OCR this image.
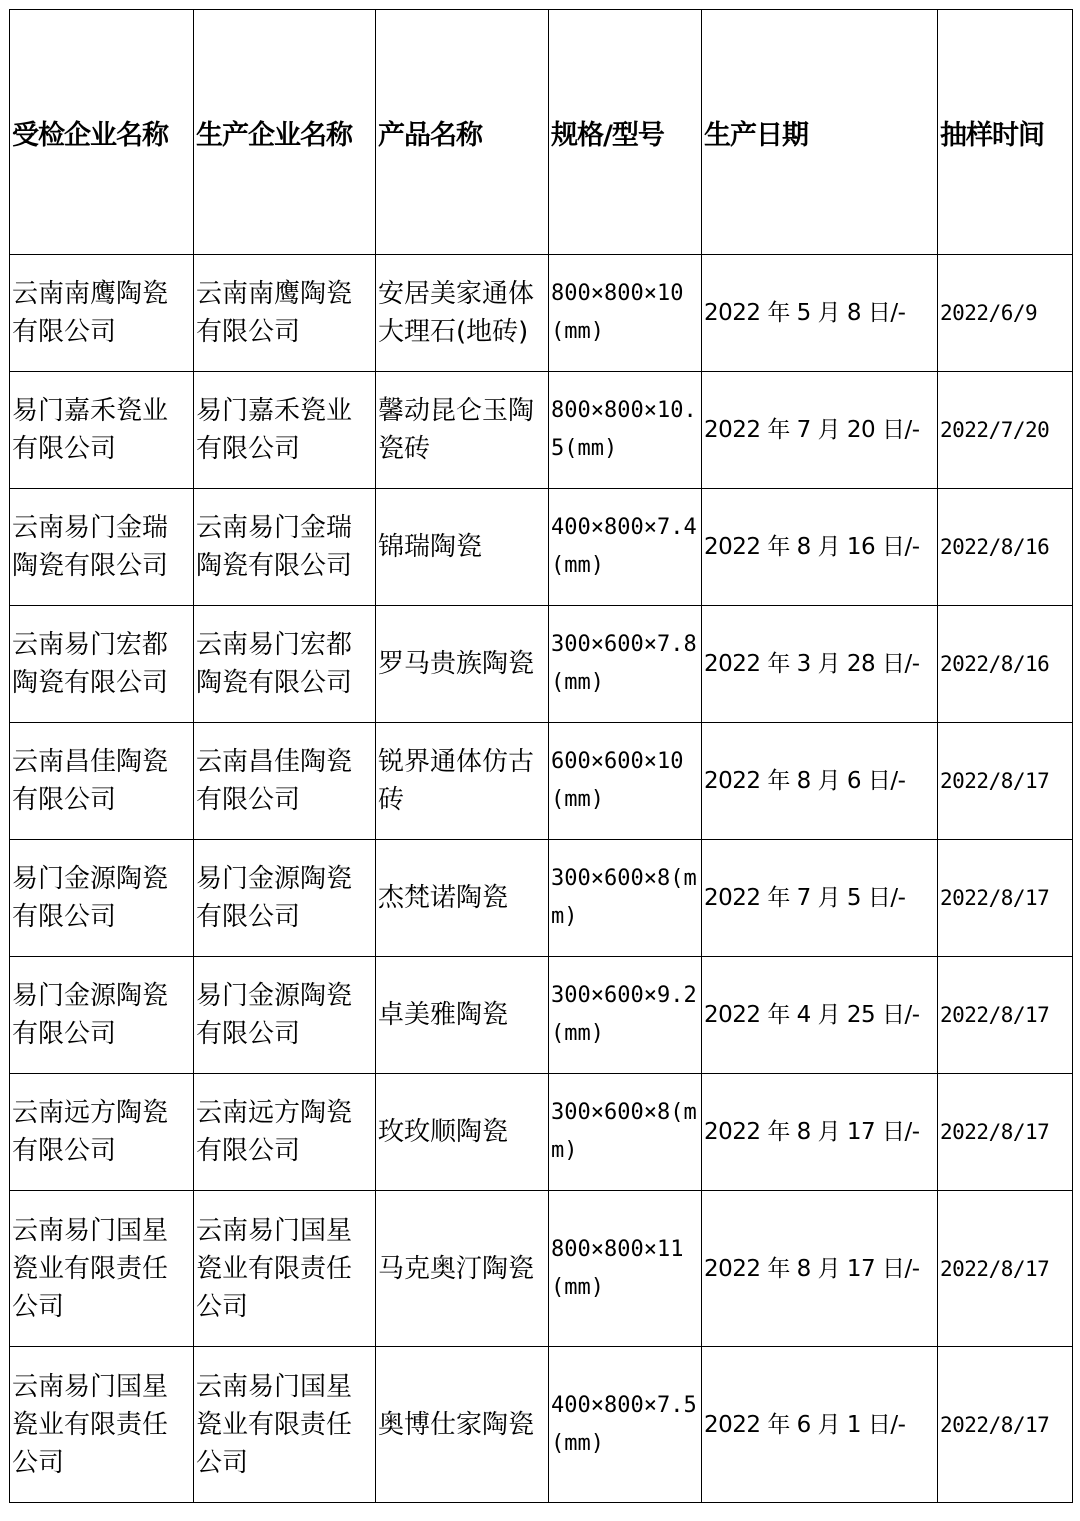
受检企业名称	生产企业名称	产品名称	规格/型号	生产日期	抽样时间
云南南鹰陶瓷有限公司	云南南鹰陶瓷有限公司	安居美家通体大理石(地砖)	800×800×10(mm)	2022 年 5 月 8 日/-	2022/6/9
易门嘉禾瓷业有限公司	易门嘉禾瓷业有限公司	馨动昆仑玉陶瓷砖	800×800×10.5(mm)	2022 年 7 月 20 日/-	2022/7/20
云南易门金瑞陶瓷有限公司	云南易门金瑞陶瓷有限公司	锦瑞陶瓷	400×800×7.4(mm)	2022 年 8 月 16 日/-	2022/8/16
云南易门宏都陶瓷有限公司	云南易门宏都陶瓷有限公司	罗马贵族陶瓷	300×600×7.8(mm)	2022 年 3 月 28 日/-	2022/8/16
云南昌佳陶瓷有限公司	云南昌佳陶瓷有限公司	锐界通体仿古砖	600×600×10(mm)	2022 年 8 月 6 日/-	2022/8/17
易门金源陶瓷有限公司	易门金源陶瓷有限公司	杰梵诺陶瓷	300×600×8(mm)	2022 年 7 月 5 日/-	2022/8/17
易门金源陶瓷有限公司	易门金源陶瓷有限公司	卓美雅陶瓷	300×600×9.2(mm)	2022 年 4 月 25 日/-	2022/8/17
云南远方陶瓷有限公司	云南远方陶瓷有限公司	玫玫顺陶瓷	300×600×8(mm)	2022 年 8 月 17 日/-	2022/8/17
云南易门国星瓷业有限责任公司	云南易门国星瓷业有限责任公司	马克奥汀陶瓷	800×800×11(mm)	2022 年 8 月 17 日/-	2022/8/17
云南易门国星瓷业有限责任公司	云南易门国星瓷业有限责任公司	奥博仕家陶瓷	400×800×7.5(mm)	2022 年 6 月 1 日/-	2022/8/17
